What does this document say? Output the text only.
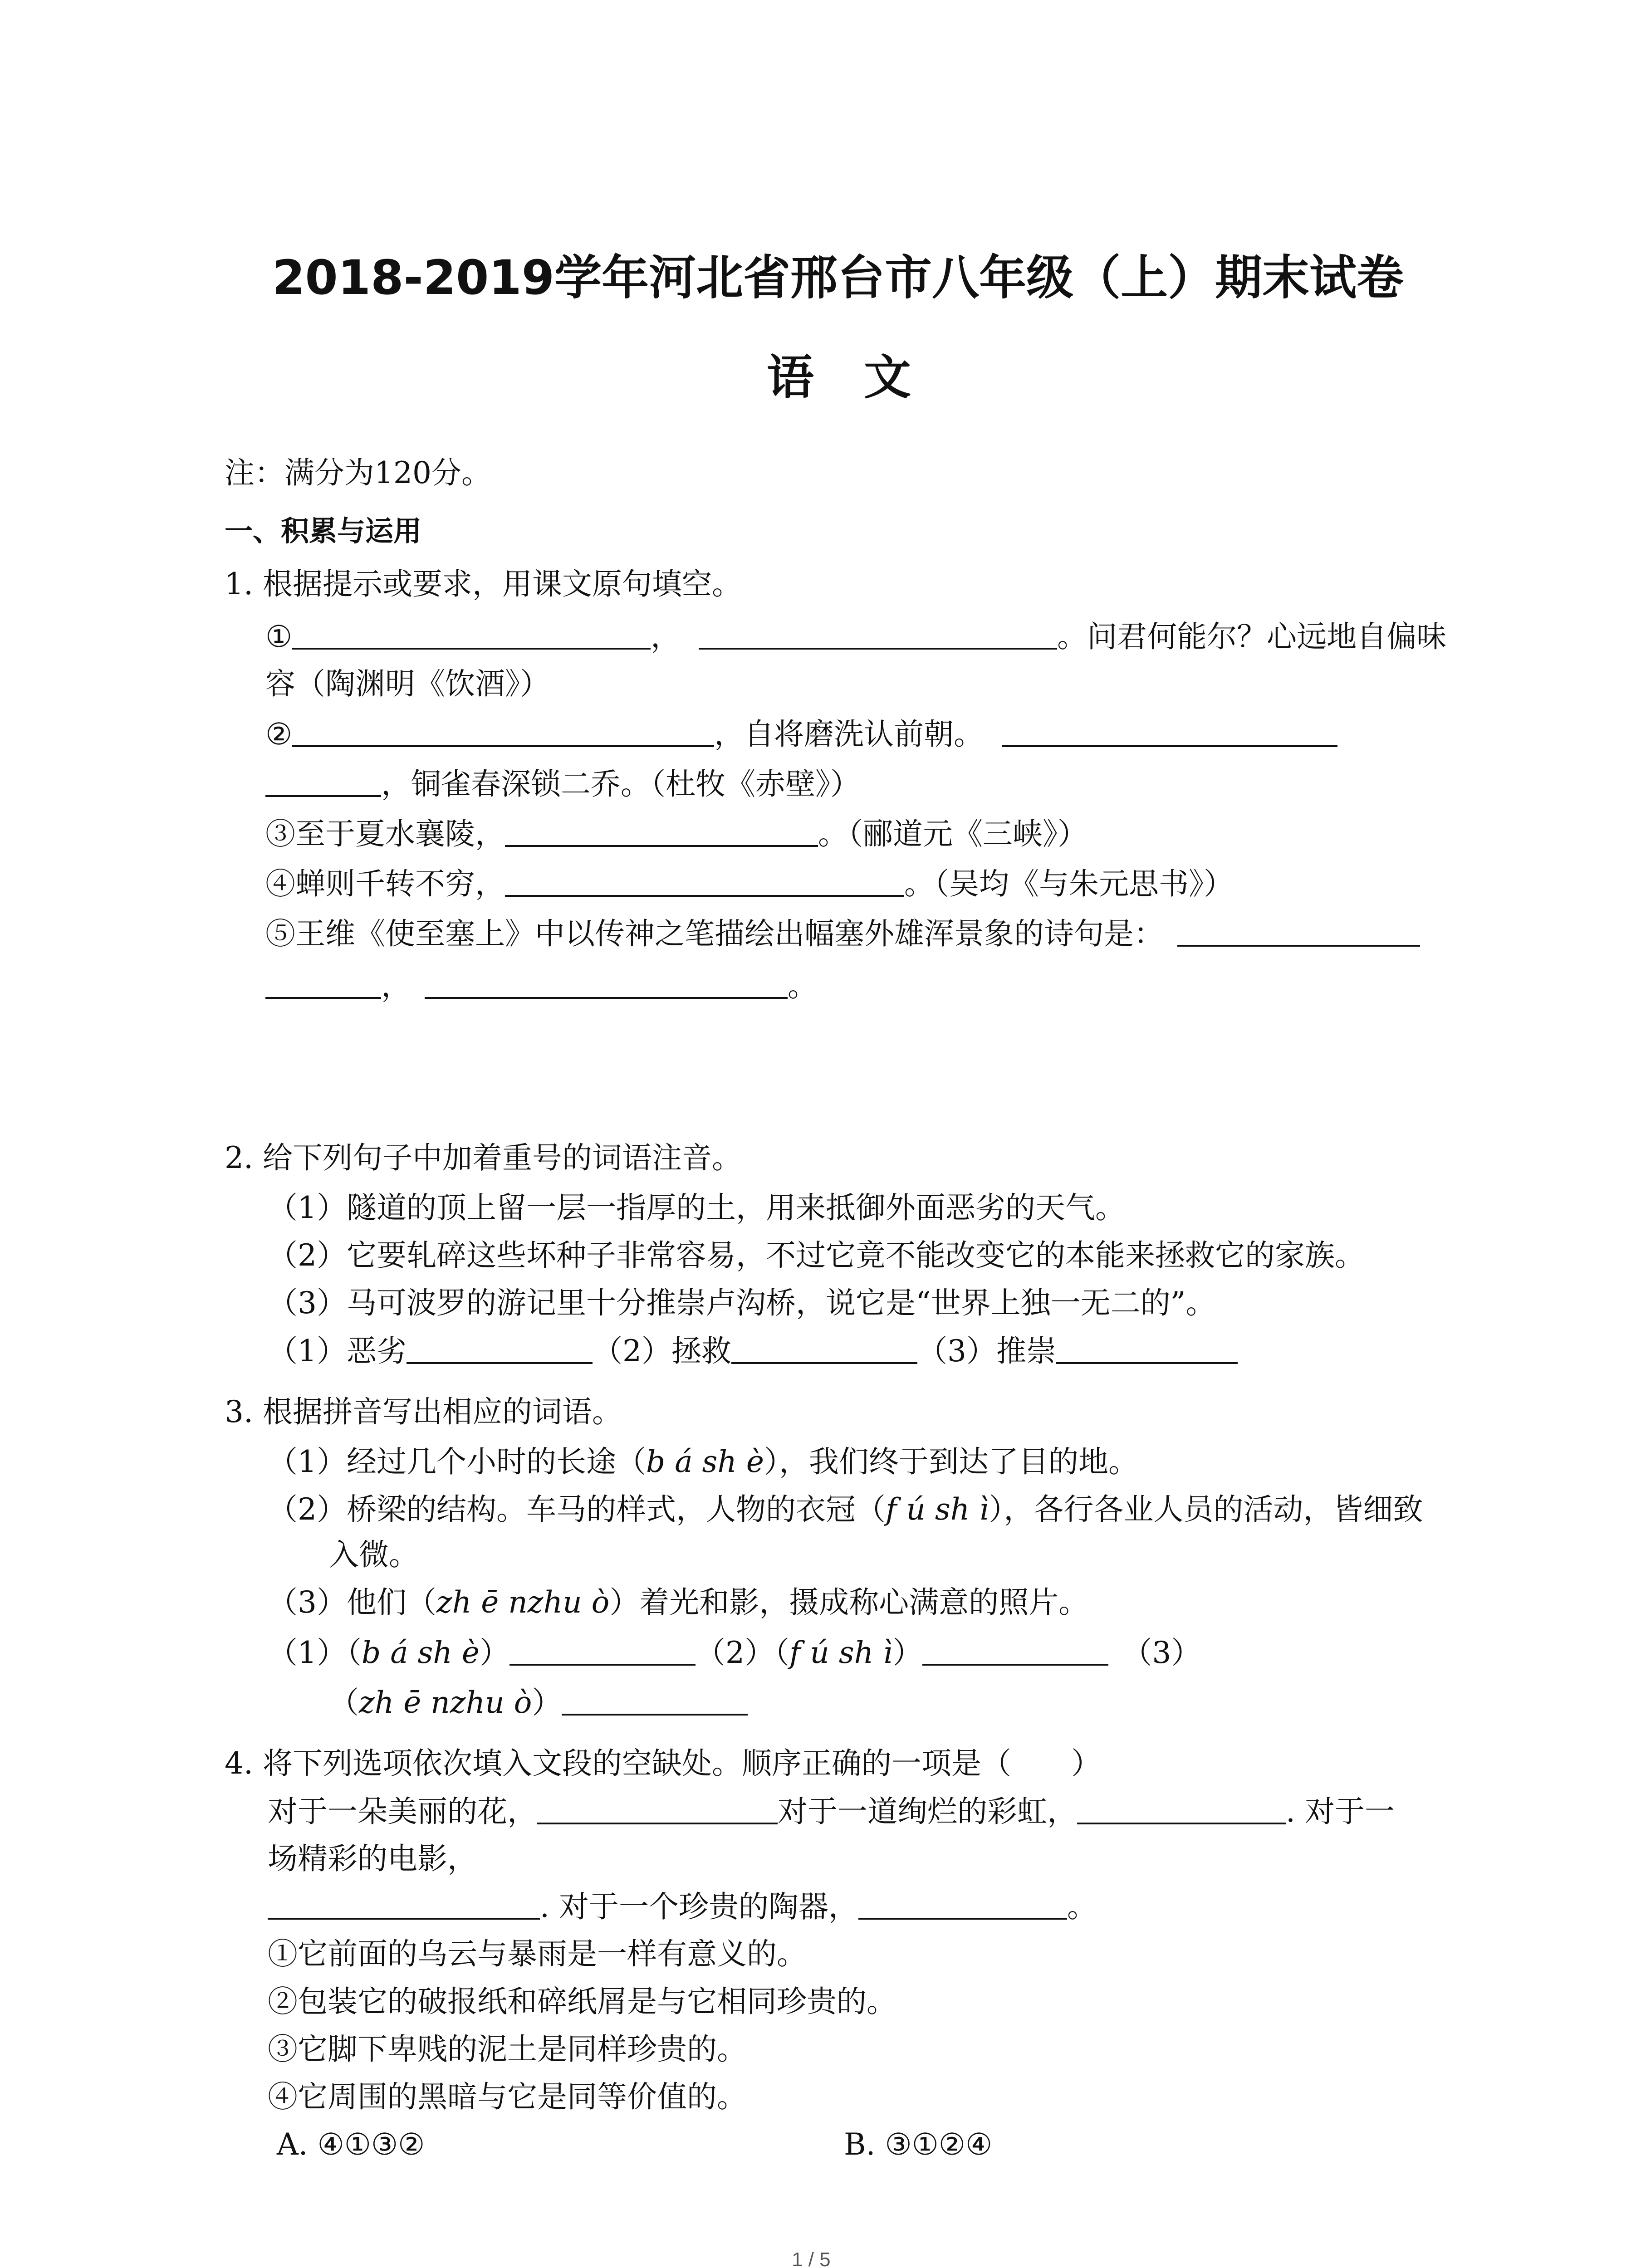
2018-2019学年河北省邢台市八年级（上）期末试卷
语文
注：满分为120分。
一、积累与运用
1. 根据提示或要求，用课文原句填空。
①	，	。问君何能尔？心远地自偏味
容（陶渊明《饮酒》）
②	，自将磨洗认前朝。
，铜雀春深锁二乔。（杜牧《赤壁》）
③至于夏水襄陵，	。（郦道元《三峡》）
④蝉则千转不穷，	。（吴均《与朱元思书》）
⑤王维《使至塞上》中以传神之笔描绘出幅塞外雄浑景象的诗句是：
，	。
2. 给下列句子中加着重号的词语注音。
（1）隧道的顶上留一层一指厚的土，用来抵御外面恶劣的天气。
（2）它要轧碎这些坏种子非常容易，不过它竟不能改变它的本能来拯救它的家族。
（3）马可波罗的游记里十分推崇卢沟桥，说它是“世界上独一无二的”。
（1）恶劣	（2）拯救	（3）推崇
3. 根据拼音写出相应的词语。
（1）经过几个小时的长途（b á sh è），我们终于到达了目的地。
（2）桥梁的结构。车马的样式，人物的衣冠（f ú sh ì），各行各业人员的活动，皆细致
入微。
（3）他们（zh ē nzhu ò）着光和影，摄成称心满意的照片。
（1）（b á sh è）	（2）（f ú sh ì）	（3）
（zh ē nzhu ò）
4. 将下列选项依次填入文段的空缺处。顺序正确的一项是（　　）
对于一朵美丽的花，	对于一道绚烂的彩虹，	. 对于一
场精彩的电影，
. 对于一个珍贵的陶器，	。
①它前面的乌云与暴雨是一样有意义的。
②包装它的破报纸和碎纸屑是与它相同珍贵的。
③它脚下卑贱的泥土是同样珍贵的。
④它周围的黑暗与它是同等价值的。
A. ④①③②	B. ③①②④
1 / 5
